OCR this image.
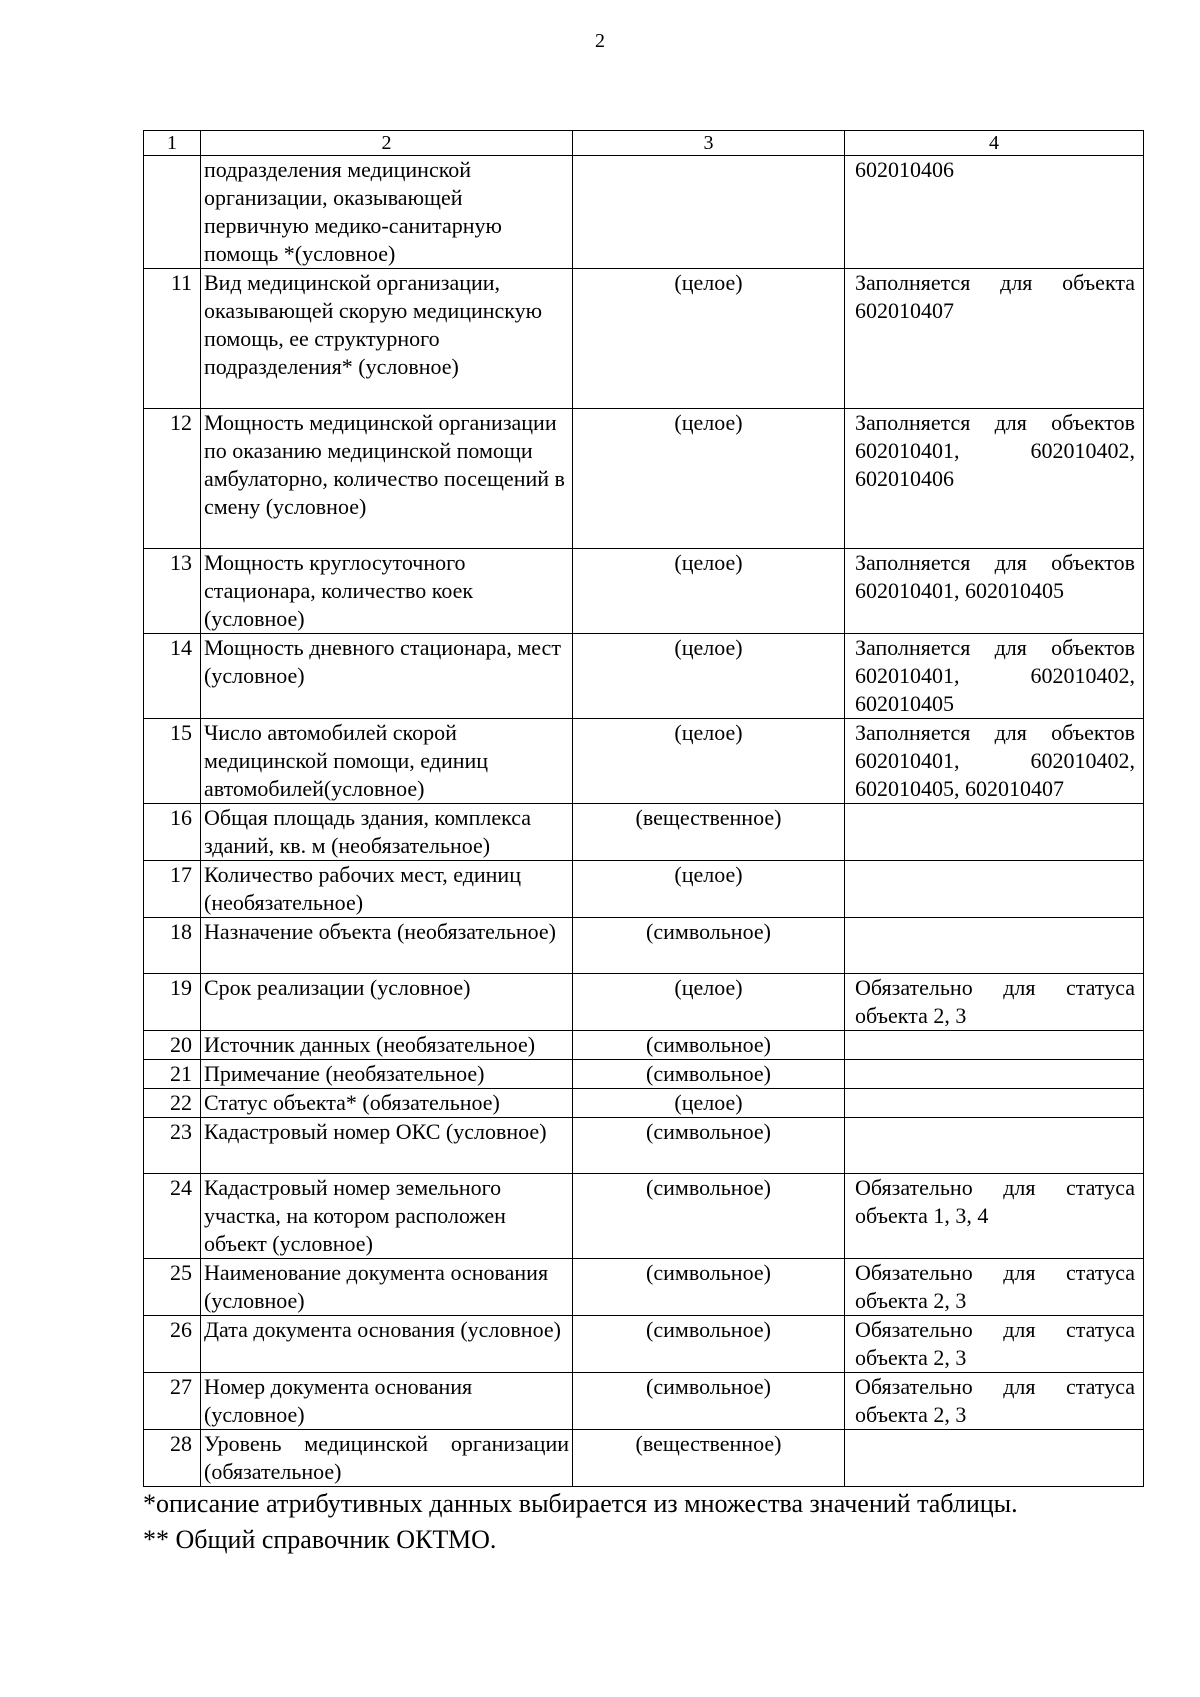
2
1	2	3	4
	подразделения медицинской организации, оказывающей первичную медико-санитарную помощь *(условное)		602010406
11	Вид медицинской организации, оказывающей скорую медицинскую помощь, ее структурного подразделения* (условное)	(целое)	Заполняется для объекта 602010407
12	Мощность медицинской организации по оказанию медицинской помощи амбулаторно, количество посещений в смену (условное)	(целое)	Заполняется для объектов 602010401, 602010402, 602010406
13	Мощность круглосуточного стационара, количество коек (условное)	(целое)	Заполняется для объектов 602010401, 602010405
14	Мощность дневного стационара, мест (условное)	(целое)	Заполняется для объектов 602010401, 602010402, 602010405
15	Число автомобилей скорой медицинской помощи, единиц автомобилей(условное)	(целое)	Заполняется для объектов 602010401, 602010402, 602010405, 602010407
16	Общая площадь здания, комплекса зданий, кв. м (необязательное)	(вещественное)	
17	Количество рабочих мест, единиц (необязательное)	(целое)	
18	Назначение объекта (необязательное)	(символьное)	
19	Срок реализации (условное)	(целое)	Обязательно для статуса объекта 2, 3
20	Источник данных (необязательное)	(символьное)	
21	Примечание (необязательное)	(символьное)	
22	Статус объекта* (обязательное)	(целое)	
23	Кадастровый номер ОКС (условное)	(символьное)	
24	Кадастровый номер земельного участка, на котором расположен объект (условное)	(символьное)	Обязательно для статуса объекта 1, 3, 4
25	Наименование документа основания (условное)	(символьное)	Обязательно для статуса объекта 2, 3
26	Дата документа основания (условное)	(символьное)	Обязательно для статуса объекта 2, 3
27	Номер документа основания (условное)	(символьное)	Обязательно для статуса объекта 2, 3
28	Уровень медицинской организации (обязательное)	(вещественное)	
*описание атрибутивных данных выбирается из множества значений таблицы.
** Общий справочник ОКТМО.
